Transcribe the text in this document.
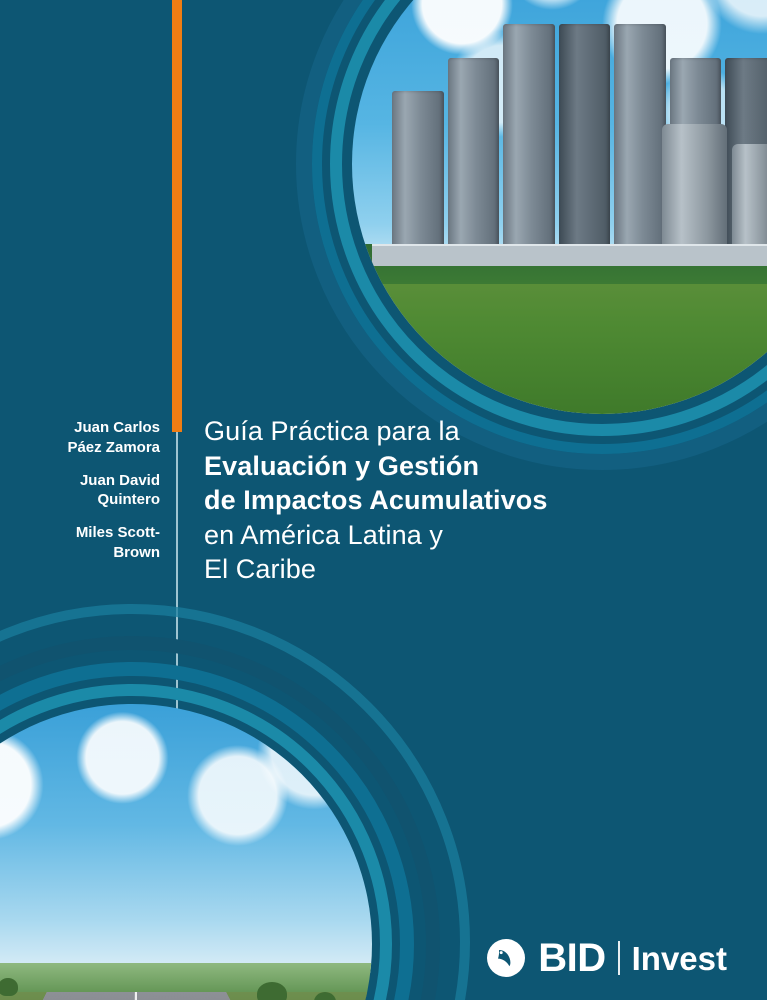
Juan Carlos
Páez Zamora
Juan David
Quintero
Miles Scott-
Brown
Guía Práctica para la
Evaluación y Gestión
de Impactos Acumulativos
en América Latina y
El Caribe
BID Invest
